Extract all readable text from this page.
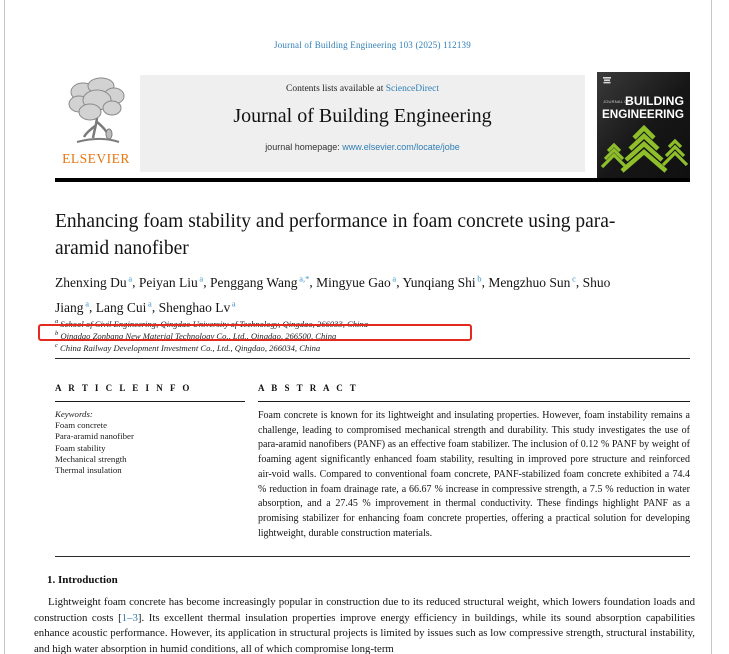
Journal of Building Engineering 103 (2025) 112139
ELSEVIER
Contents lists available at ScienceDirect
Journal of Building Engineering
journal homepage: www.elsevier.com/locate/jobe
JOURNAL OF
BUILDING
ENGINEERING
Enhancing foam stability and performance in foam concrete using para-aramid nanofiber
Zhenxing Du $^a$, Peiyan Liu $^a$, Penggang Wang $^{a,*}$, Mingyue Gao $^a$, Yunqiang Shi $^b$, Mengzhuo Sun $^c$, Shuo Jiang $^a$, Lang Cui $^a$, Shenghao Lv $^a$
$^a$ School of Civil Engineering, Qingdao University of Technology, Qingdao, 266033, China
$^b$ Qingdao Zonbang New Material Technology Co., Ltd., Qingdao, 266500, China
$^c$ China Railway Development Investment Co., Ltd., Qingdao, 266034, China
A R T I C L E I N F O
Keywords:
Foam concrete
Para-aramid nanofiber
Foam stability
Mechanical strength
Thermal insulation
A B S T R A C T

Foam concrete is known for its lightweight and insulating properties. However, foam instability remains a challenge, leading to compromised mechanical strength and durability. This study investigates the use of para-aramid nanofibers (PANF) as an effective foam stabilizer. The inclusion of 0.12 % PANF by weight of foaming agent significantly enhanced foam stability, resulting in improved pore structure and reinforced air-void walls. Compared to conventional foam concrete, PANF-stabilized foam concrete exhibited a 74.4 % reduction in foam drainage rate, a 66.67 % increase in compressive strength, a 7.5 % reduction in water absorption, and a 27.45 % improvement in thermal conductivity. These findings highlight PANF as a promising stabilizer for enhancing foam concrete properties, offering a practical solution for developing lightweight, durable construction materials.

1. Introduction

Lightweight foam concrete has become increasingly popular in construction due to its reduced structural weight, which lowers foundation loads and construction costs [1–3]. Its excellent thermal insulation properties improve energy efficiency in buildings, while its sound absorption capabilities enhance acoustic performance. However, its application in structural projects is limited by issues such as low compressive strength, structural instability, and high water absorption in humid conditions, all of which compromise long-term
